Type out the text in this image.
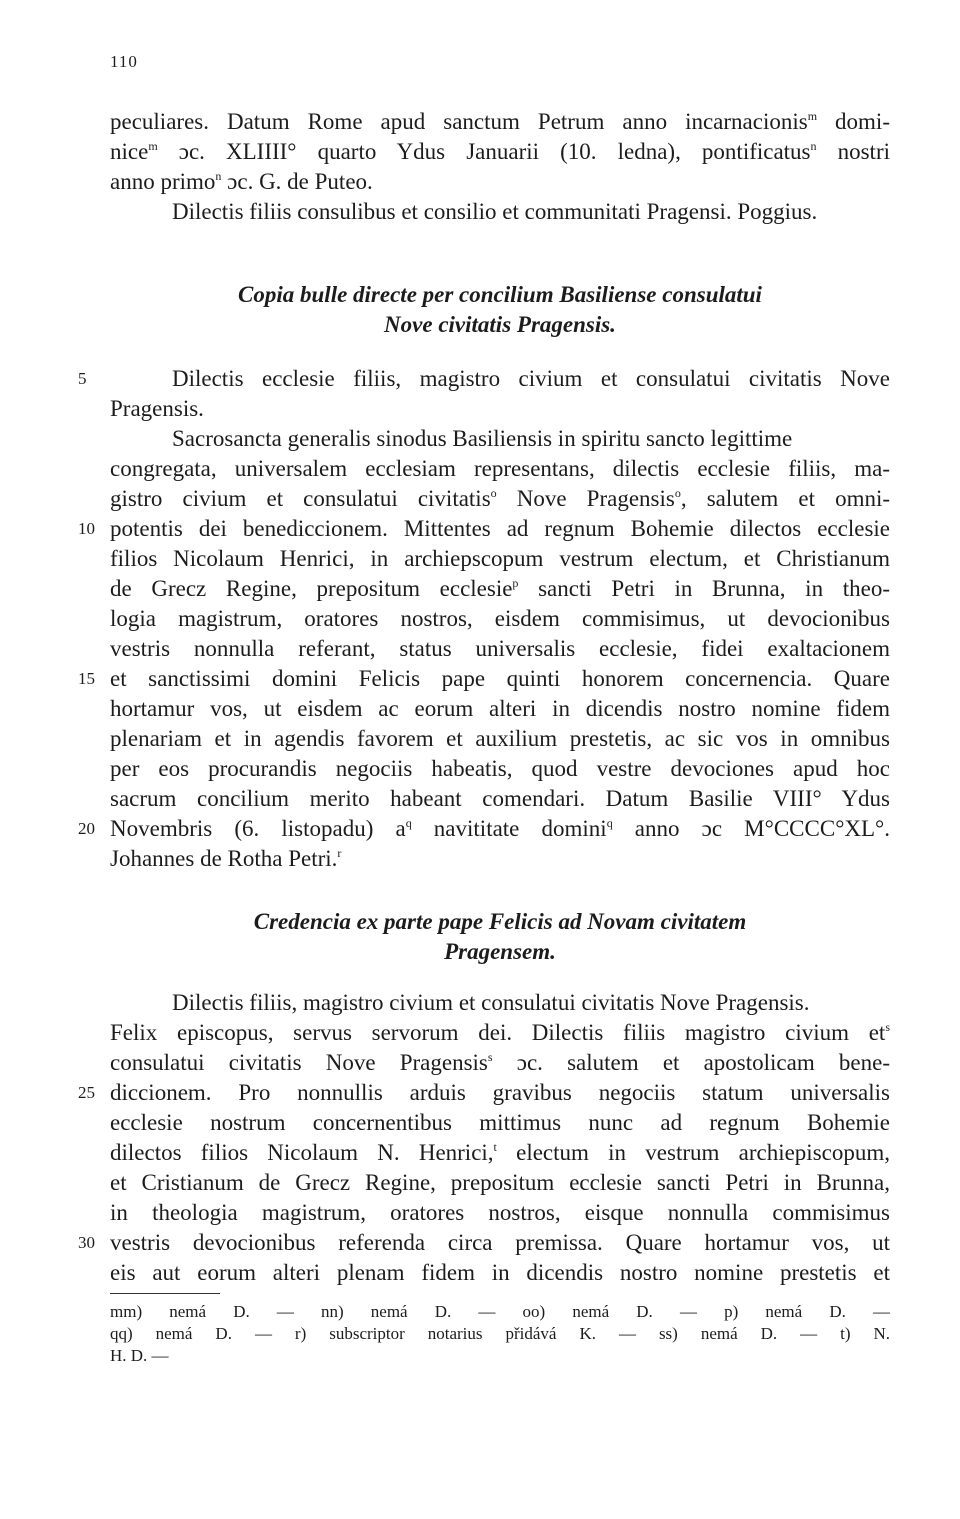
110
peculiares. Datum Rome apud sanctum Petrum anno incarnacionis$^m$ domi-
nice$^m$ ɔc. XLIIII° quarto Ydus Januarii (10. ledna), pontificatus$^n$ nostri
anno primo$^n$ ɔc. G. de Puteo.
Dilectis filiis consulibus et consilio et communitati Pragensi. Poggius.
Copia bulle directe per concilium Basiliense consulatui
Nove civitatis Pragensis.
Dilectis ecclesie filiis, magistro civium et consulatui civitatis Nove
5
Pragensis.
Sacrosancta generalis sinodus Basiliensis in spiritu sancto legittime
congregata, universalem ecclesiam representans, dilectis ecclesie filiis, ma-
gistro civium et consulatui civitatis$^o$ Nove Pragensis$^o$, salutem et omni-
potentis dei benediccionem. Mittentes ad regnum Bohemie dilectos ecclesie
10
filios Nicolaum Henrici, in archiepscopum vestrum electum, et Christianum
de Grecz Regine, prepositum ecclesie$^p$ sancti Petri in Brunna, in theo-
logia magistrum, oratores nostros, eisdem commisimus, ut devocionibus
vestris nonnulla referant, status universalis ecclesie, fidei exaltacionem
et sanctissimi domini Felicis pape quinti honorem concernencia. Quare
15
hortamur vos, ut eisdem ac eorum alteri in dicendis nostro nomine fidem
plenariam et in agendis favorem et auxilium prestetis, ac sic vos in omnibus
per eos procurandis negociis habeatis, quod vestre devociones apud hoc
sacrum concilium merito habeant comendari. Datum Basilie VIII° Ydus
Novembris (6. listopadu) $a^q$ navititate domini$^q$ anno ɔc M°CCCC°XL°.
20
Johannes de Rotha Petri.$^r$
Credencia ex parte pape Felicis ad Novam civitatem
Pragensem.
Dilectis filiis, magistro civium et consulatui civitatis Nove Pragensis.
Felix episcopus, servus servorum dei. Dilectis filiis magistro civium $et^s$
consulatui civitatis Nove Pragensis$^s$ ɔc. salutem et apostolicam bene-
diccionem. Pro nonnullis arduis gravibus negociis statum universalis
25
ecclesie nostrum concernentibus mittimus nunc ad regnum Bohemie
dilectos filios Nicolaum N. Henrici,$^t$ electum in vestrum archiepiscopum,
et Cristianum de Grecz Regine, prepositum ecclesie sancti Petri in Brunna,
in theologia magistrum, oratores nostros, eisque nonnulla commisimus
vestris devocionibus referenda circa premissa. Quare hortamur vos, ut
30
eis aut eorum alteri plenam fidem in dicendis nostro nomine prestetis et
mm) nemá D. — nn) nemá D. — oo) nemá D. — p) nemá D. —
qq) nemá D. — r) subscriptor notarius přidává K. — ss) nemá D. — t) N.
H. D. —
